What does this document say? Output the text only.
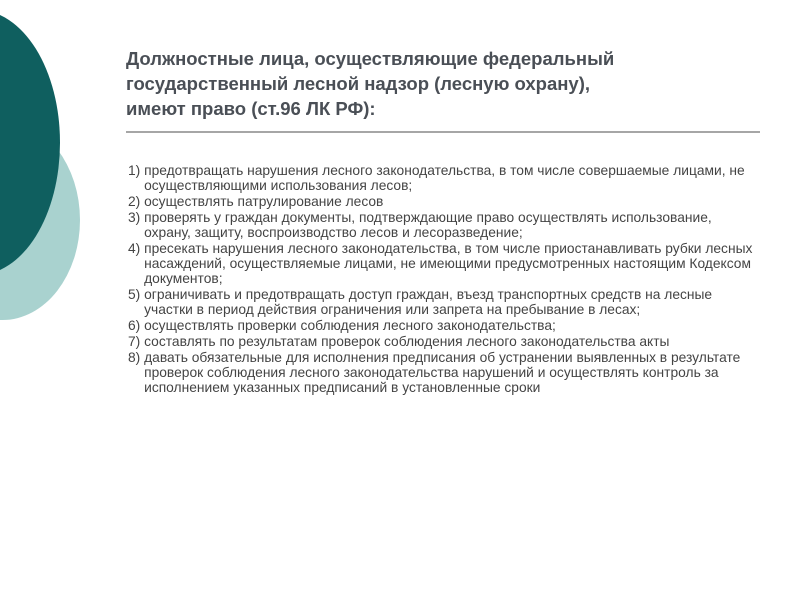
Должностные лица, осуществляющие федеральный
государственный лесной надзор (лесную охрану),
имеют право (ст.96 ЛК РФ):
1) предотвращать нарушения лесного законодательства, в том числе совершаемые лицами, не осуществляющими использования лесов;
2) осуществлять патрулирование лесов
3) проверять у граждан документы, подтверждающие право осуществлять использование, охрану, защиту, воспроизводство лесов и лесоразведение;
4) пресекать нарушения лесного законодательства, в том числе приостанавливать рубки лесных насаждений, осуществляемые лицами, не имеющими предусмотренных настоящим Кодексом документов;
5) ограничивать и предотвращать доступ граждан, въезд транспортных средств на лесные участки в период действия ограничения или запрета на пребывание в лесах;
6) осуществлять проверки соблюдения лесного законодательства;
7) составлять по результатам проверок соблюдения лесного законодательства акты
8) давать обязательные для исполнения предписания об устранении выявленных в результате проверок соблюдения лесного законодательства нарушений и осуществлять контроль за исполнением указанных предписаний в установленные сроки
